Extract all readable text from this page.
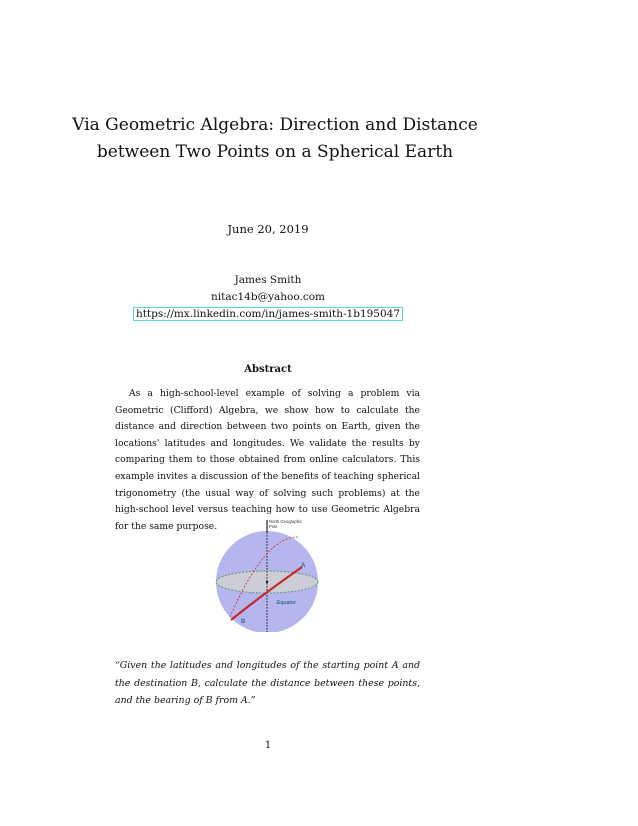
Via Geometric Algebra: Direction and Distance
between Two Points on a Spherical Earth
June 20, 2019
James Smith
nitac14b@yahoo.com
https://mx.linkedin.com/in/james-smith-1b195047
Abstract

As a high-school-level example of solving a problem via Geometric (Clifford) Algebra, we show how to calculate the distance and direction between two points on Earth, given the locations' latitudes and longitudes. We validate the results by comparing them to those obtained from online calculators. This example invites a discussion of the benefits of teaching spherical trigonometry (the usual way of solving such problems) at the high-school level versus teaching how to use Geometric Algebra for the same purpose.	North Geographic
Pole
A
B
Equator

“Given the latitudes and longitudes of the starting point A and the destination B, calculate the distance between these points, and the bearing of B from A.”

1
